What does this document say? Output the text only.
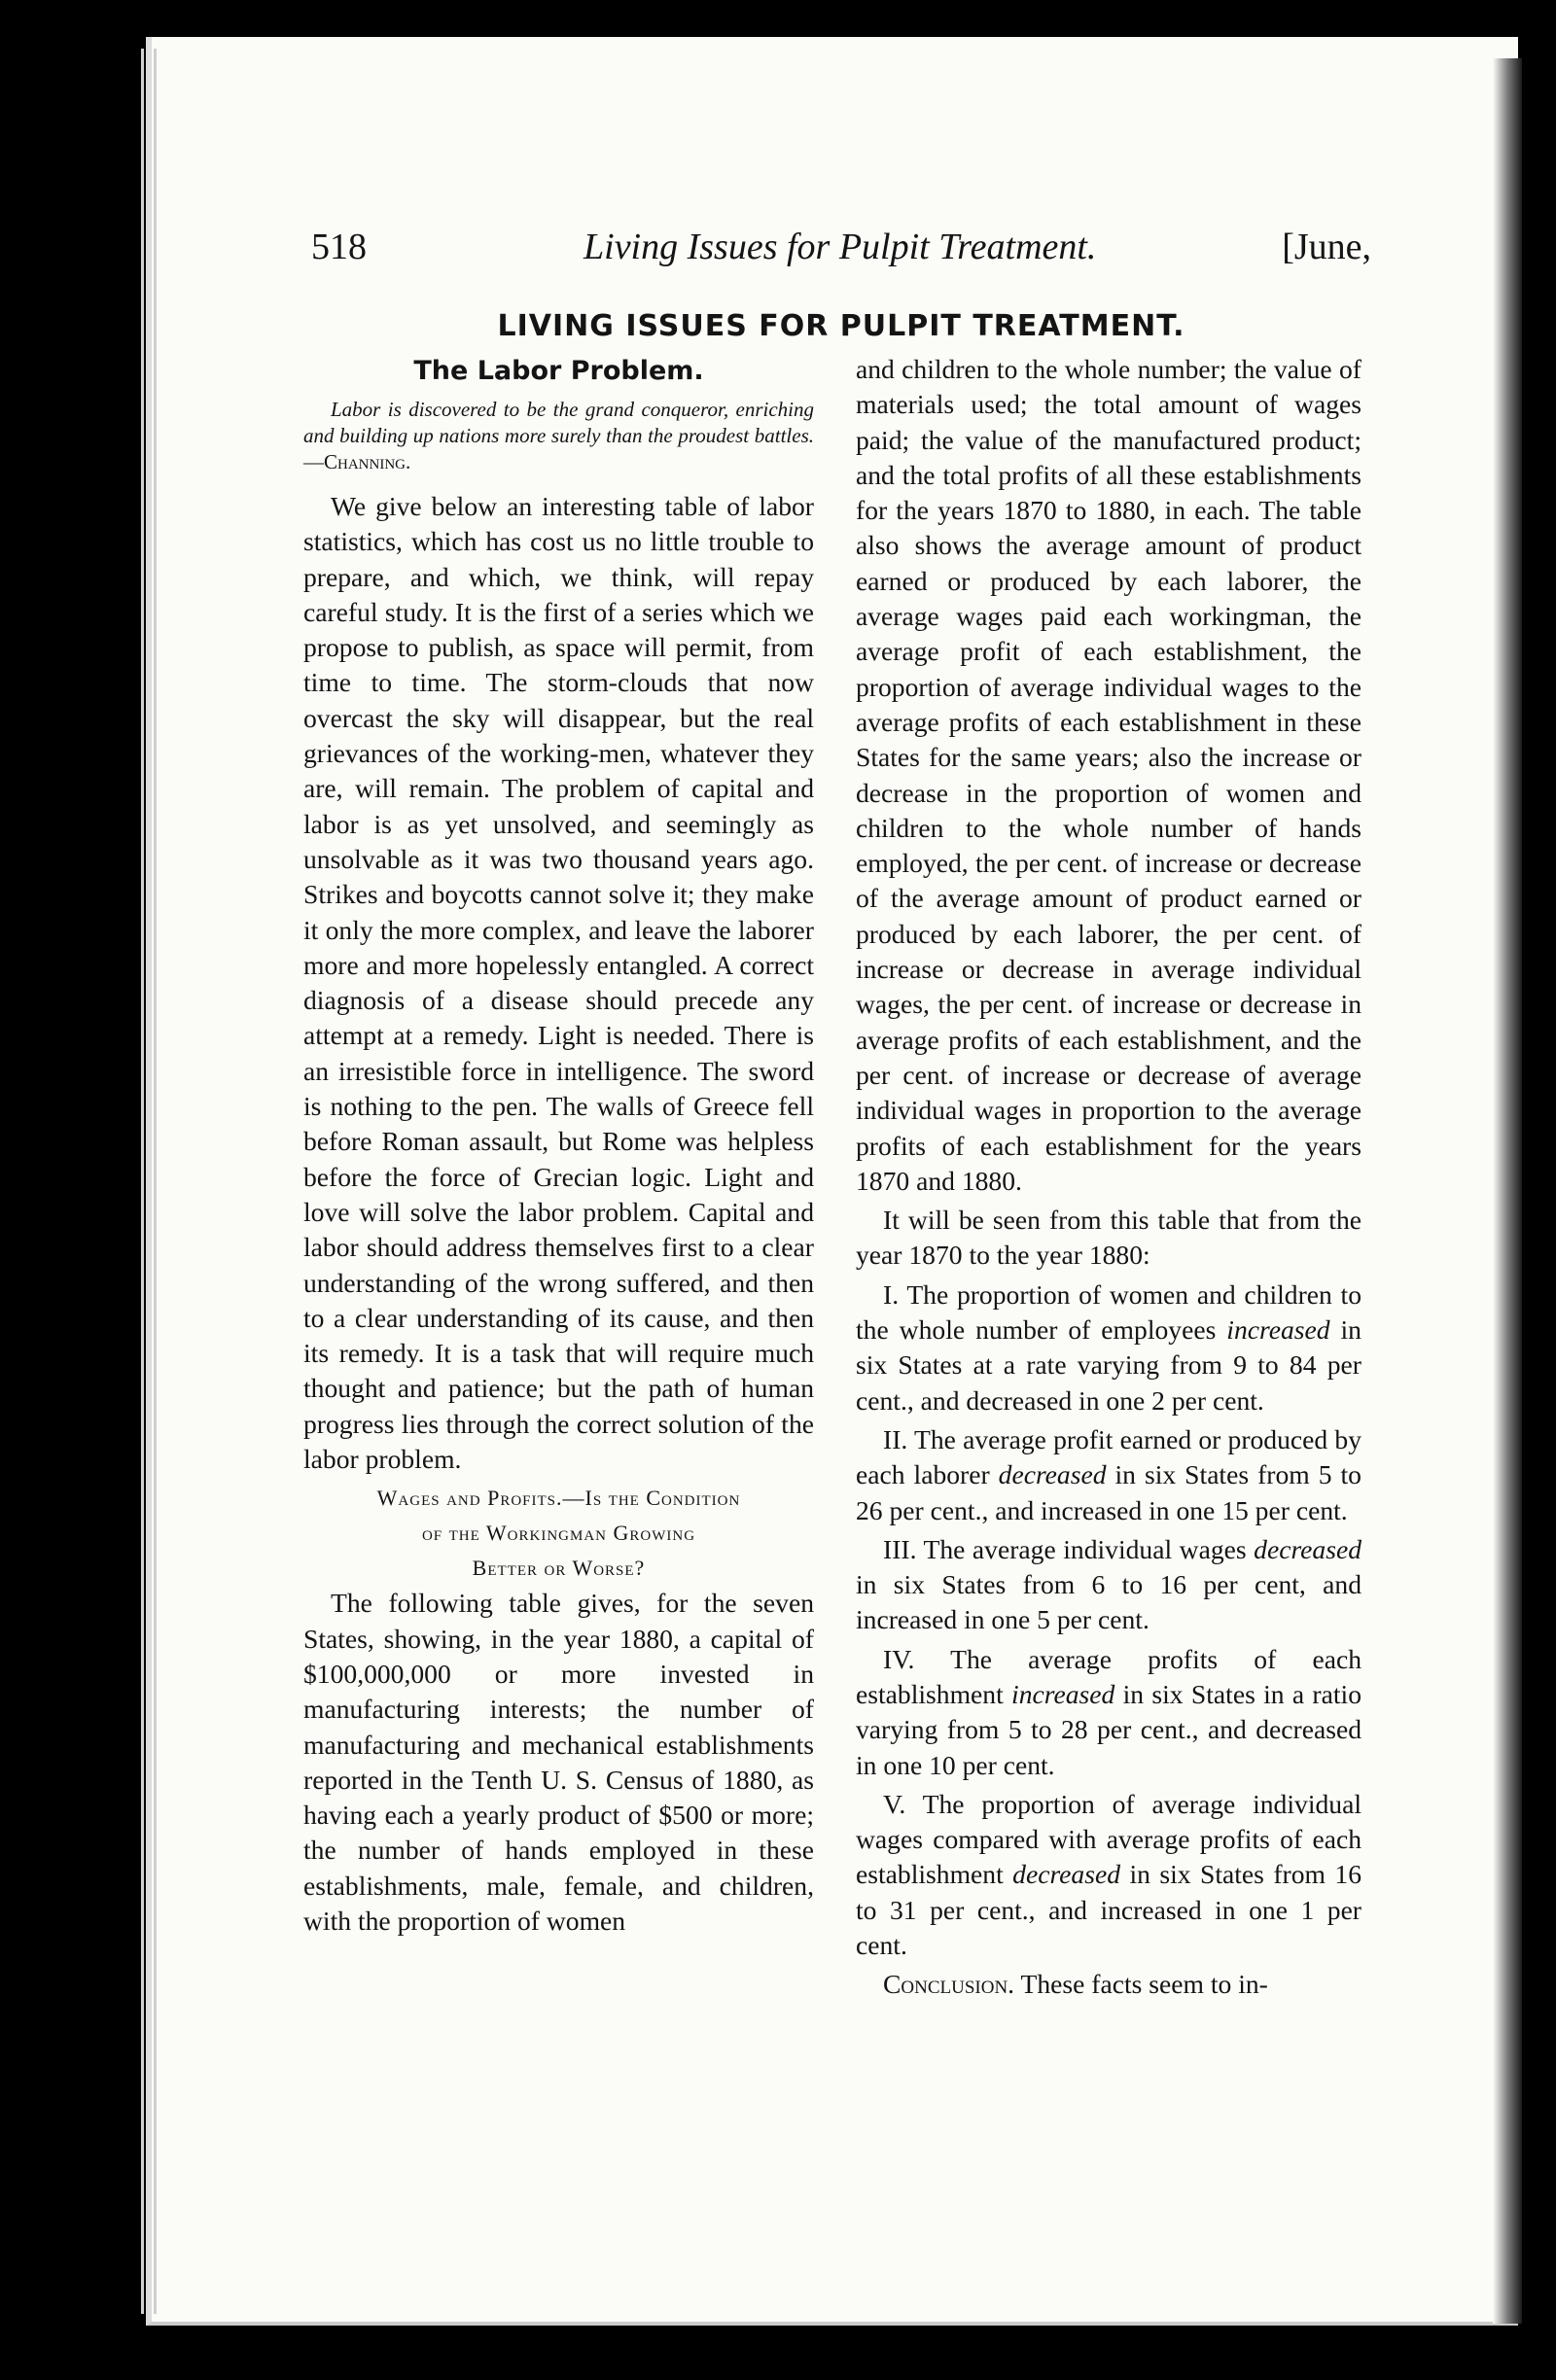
518	Living Issues for Pulpit Treatment.	[June,
LIVING ISSUES FOR PULPIT TREATMENT.
The Labor Problem.
Labor is discovered to be the grand conqueror, enriching and building up nations more surely than the proudest battles.—Channing.

We give below an interesting table of labor statistics, which has cost us no little trouble to prepare, and which, we think, will repay careful study. It is the first of a series which we propose to publish, as space will permit, from time to time. The storm-clouds that now overcast the sky will disappear, but the real grievances of the working-men, whatever they are, will remain. The problem of capital and labor is as yet unsolved, and seemingly as unsolvable as it was two thousand years ago. Strikes and boycotts cannot solve it; they make it only the more complex, and leave the laborer more and more hopelessly entangled. A correct diagnosis of a disease should precede any attempt at a remedy. Light is needed. There is an irresistible force in intelligence. The sword is nothing to the pen. The walls of Greece fell before Roman assault, but Rome was helpless before the force of Grecian logic. Light and love will solve the labor problem. Capital and labor should address themselves first to a clear understanding of the wrong suffered, and then to a clear understanding of its cause, and then its remedy. It is a task that will require much thought and patience; but the path of human progress lies through the correct solution of the labor problem.

Wages and Profits.—Is the Condition
of the Workingman Growing
Better or Worse?

The following table gives, for the seven States, showing, in the year 1880, a capital of $100,000,000 or more invested in manufacturing interests; the number of manufacturing and mechanical establishments reported in the Tenth U. S. Census of 1880, as having each a yearly product of $500 or more; the number of hands employed in these establishments, male, female, and children, with the proportion of women

and children to the whole number; the value of materials used; the total amount of wages paid; the value of the manufactured product; and the total profits of all these establishments for the years 1870 to 1880, in each. The table also shows the average amount of product earned or produced by each laborer, the average wages paid each workingman, the average profit of each establishment, the proportion of average individual wages to the average profits of each establishment in these States for the same years; also the increase or decrease in the proportion of women and children to the whole number of hands employed, the per cent. of increase or decrease of the average amount of product earned or produced by each laborer, the per cent. of increase or decrease in average individual wages, the per cent. of increase or decrease in average profits of each establishment, and the per cent. of increase or decrease of average individual wages in proportion to the average profits of each establishment for the years 1870 and 1880.

It will be seen from this table that from the year 1870 to the year 1880:

I. The proportion of women and children to the whole number of employees increased in six States at a rate varying from 9 to 84 per cent., and decreased in one 2 per cent.

II. The average profit earned or produced by each laborer decreased in six States from 5 to 26 per cent., and increased in one 15 per cent.

III. The average individual wages decreased in six States from 6 to 16 per cent, and increased in one 5 per cent.

IV. The average profits of each establishment increased in six States in a ratio varying from 5 to 28 per cent., and decreased in one 10 per cent.

V. The proportion of average individual wages compared with average profits of each establishment decreased in six States from 16 to 31 per cent., and increased in one 1 per cent.

Conclusion. These facts seem to in-
